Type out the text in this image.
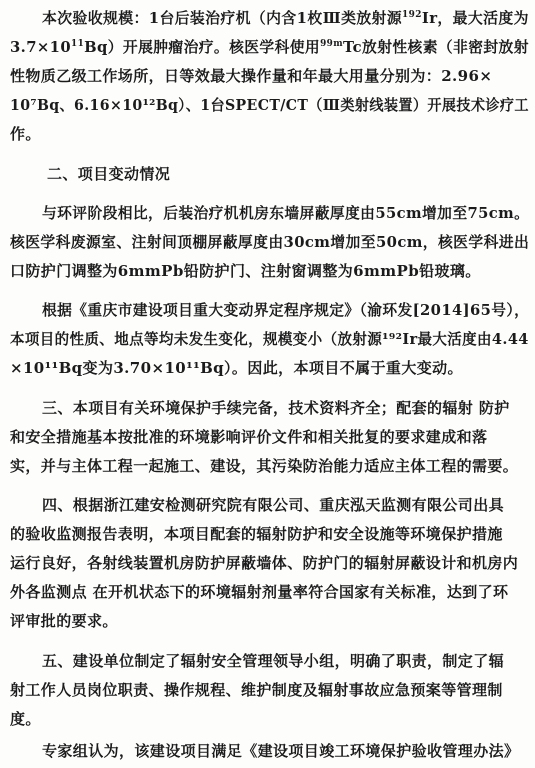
本次验收规模：1台后装治疗机（内含1枚Ⅲ类放射源$^{192}$Ir，最大活度为
$3.7\times 10^{11}Bq$）开展肿瘤治疗。核医学科使用$^{99m}$Tc放射性核素（非密封放射
性物质乙级工作场所，日等效最大操作量和年最大用量分别为：2.96×
10⁷Bq、6.16×10¹²Bq）、1台SPECT/CT（Ⅲ类射线装置）开展技术诊疗工
作。
二、项目变动情况
与环评阶段相比，后装治疗机机房东墙屏蔽厚度由55cm增加至75cm。
核医学科废源室、注射间顶棚屏蔽厚度由30cm增加至50cm，核医学科进出
口防护门调整为6mmPb铅防护门、注射窗调整为6mmPb铅玻璃。
根据《重庆市建设项目重大变动界定程序规定》（渝环发[2014]65号），
本项目的性质、地点等均未发生变化，规模变小（放射源¹⁹²Ir最大活度由4.44
×10¹¹Bq变为3.70×10¹¹Bq）。因此，本项目不属于重大变动。
三、本项目有关环境保护手续完备，技术资料齐全；配套的辐射 防护
和安全措施基本按批准的环境影响评价文件和相关批复的要求建成和落
实，并与主体工程一起施工、建设，其污染防治能力适应主体工程的需要。
四、根据浙江建安检测研究院有限公司、重庆泓天监测有限公司出具
的验收监测报告表明，本项目配套的辐射防护和安全设施等环境保护措施
运行良好，各射线装置机房防护屏蔽墙体、防护门的辐射屏蔽设计和机房内
外各监测点 在开机状态下的环境辐射剂量率符合国家有关标准，达到了环
评审批的要求。
五、建设单位制定了辐射安全管理领导小组，明确了职责，制定了辐
射工作人员岗位职责、操作规程、维护制度及辐射事故应急预案等管理制
度。
专家组认为，该建设项目满足《建设项目竣工环境保护验收管理办法》
